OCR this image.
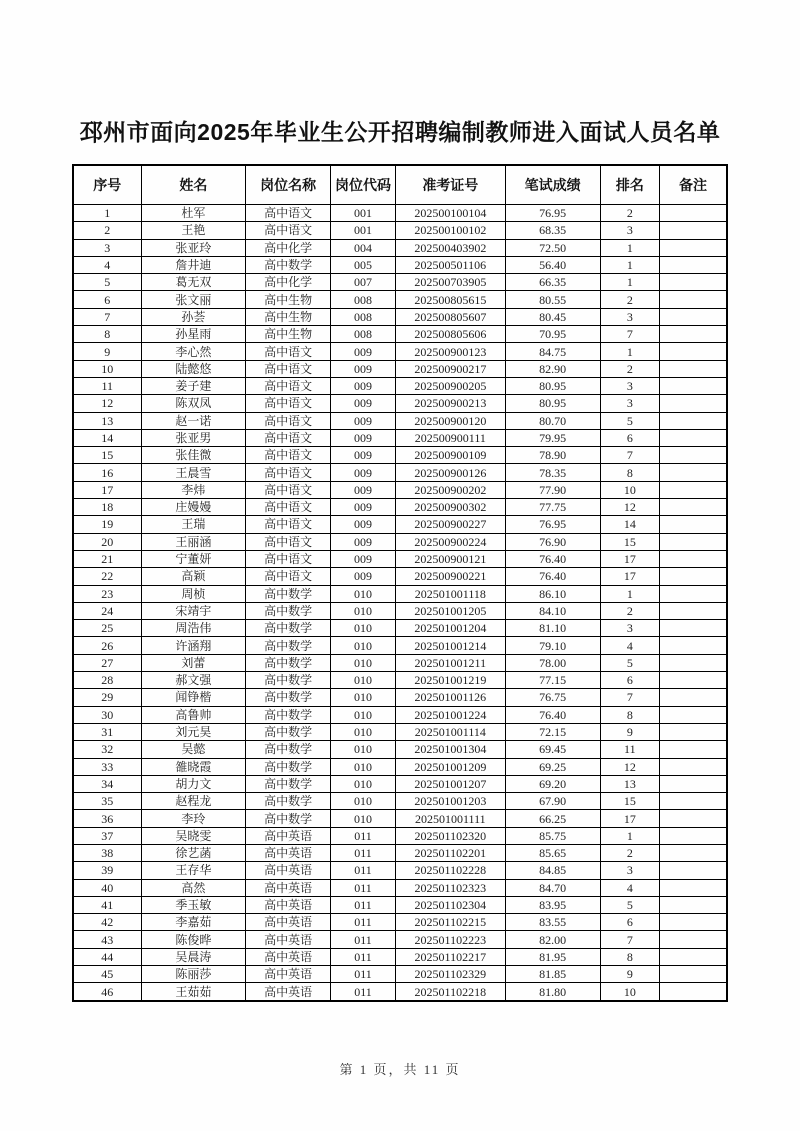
邳州市面向2025年毕业生公开招聘编制教师进入面试人员名单
序号	姓名	岗位名称	岗位代码	准考证号	笔试成绩	排名	备注
1	杜军	高中语文	001	202500100104	76.95	2	
2	王艳	高中语文	001	202500100102	68.35	3	
3	张亚玲	高中化学	004	202500403902	72.50	1	
4	詹井迪	高中数学	005	202500501106	56.40	1	
5	葛无双	高中化学	007	202500703905	66.35	1	
6	张文丽	高中生物	008	202500805615	80.55	2	
7	孙荟	高中生物	008	202500805607	80.45	3	
8	孙星雨	高中生物	008	202500805606	70.95	7	
9	李心然	高中语文	009	202500900123	84.75	1	
10	陆懿悠	高中语文	009	202500900217	82.90	2	
11	姜子建	高中语文	009	202500900205	80.95	3	
12	陈双凤	高中语文	009	202500900213	80.95	3	
13	赵一诺	高中语文	009	202500900120	80.70	5	
14	张亚男	高中语文	009	202500900111	79.95	6	
15	张佳微	高中语文	009	202500900109	78.90	7	
16	王晨雪	高中语文	009	202500900126	78.35	8	
17	李炜	高中语文	009	202500900202	77.90	10	
18	庄嫚嫚	高中语文	009	202500900302	77.75	12	
19	王瑞	高中语文	009	202500900227	76.95	14	
20	王丽涵	高中语文	009	202500900224	76.90	15	
21	宁董妍	高中语文	009	202500900121	76.40	17	
22	高颖	高中语文	009	202500900221	76.40	17	
23	周桢	高中数学	010	202501001118	86.10	1	
24	宋靖宇	高中数学	010	202501001205	84.10	2	
25	周浩伟	高中数学	010	202501001204	81.10	3	
26	许涵翔	高中数学	010	202501001214	79.10	4	
27	刘蕾	高中数学	010	202501001211	78.00	5	
28	郝文强	高中数学	010	202501001219	77.15	6	
29	闻铮楷	高中数学	010	202501001126	76.75	7	
30	高鲁帅	高中数学	010	202501001224	76.40	8	
31	刘元昊	高中数学	010	202501001114	72.15	9	
32	吴懿	高中数学	010	202501001304	69.45	11	
33	雒晓霞	高中数学	010	202501001209	69.25	12	
34	胡力文	高中数学	010	202501001207	69.20	13	
35	赵程龙	高中数学	010	202501001203	67.90	15	
36	李玲	高中数学	010	202501001111	66.25	17	
37	吴晓雯	高中英语	011	202501102320	85.75	1	
38	徐艺菡	高中英语	011	202501102201	85.65	2	
39	王存华	高中英语	011	202501102228	84.85	3	
40	高然	高中英语	011	202501102323	84.70	4	
41	季玉敏	高中英语	011	202501102304	83.95	5	
42	李嘉茹	高中英语	011	202501102215	83.55	6	
43	陈俊晔	高中英语	011	202501102223	82.00	7	
44	吴晨涛	高中英语	011	202501102217	81.95	8	
45	陈丽莎	高中英语	011	202501102329	81.85	9	
46	王茹茹	高中英语	011	202501102218	81.80	10	
第 1 页，共 11 页
